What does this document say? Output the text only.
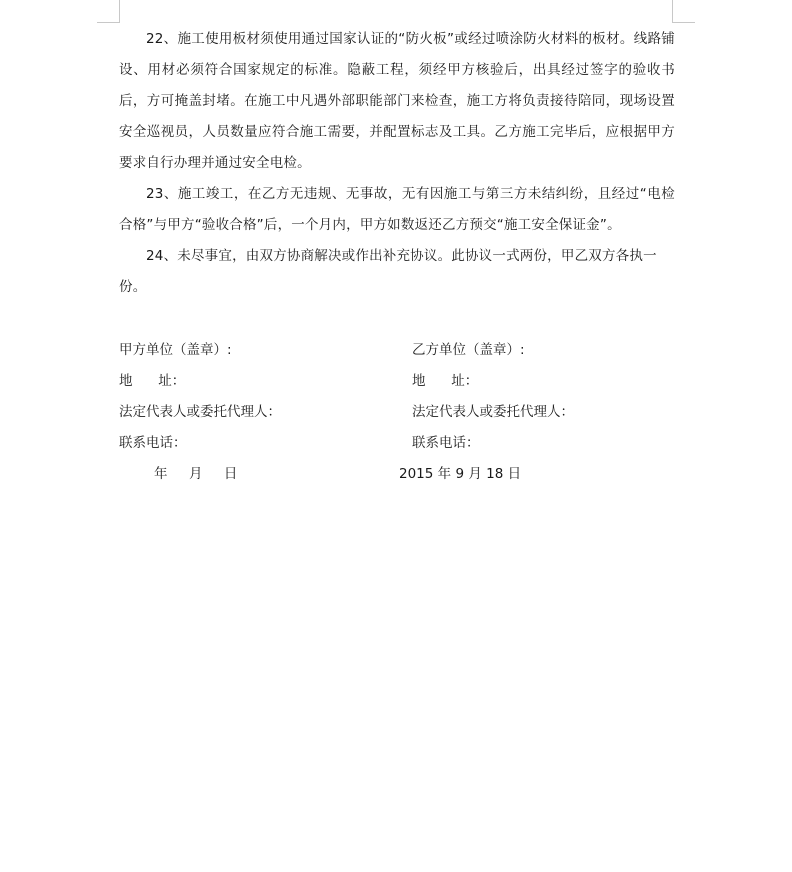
22、施工使用板材须使用通过国家认证的“防火板”或经过喷涂防火材料的板材。线路铺设、用材必须符合国家规定的标准。隐蔽工程，须经甲方核验后，出具经过签字的验收书后，方可掩盖封堵。在施工中凡遇外部职能部门来检查，施工方将负责接待陪同，现场设置安全巡视员，人员数量应符合施工需要，并配置标志及工具。乙方施工完毕后，应根据甲方要求自行办理并通过安全电检。

23、施工竣工，在乙方无违规、无事故，无有因施工与第三方未结纠纷，且经过“电检合格”与甲方“验收合格”后，一个月内，甲方如数返还乙方预交“施工安全保证金”。

24、未尽事宜，由双方协商解决或作出补充协议。此协议一式两份，甲乙双方各执一份。

甲方单位（盖章）:
地      址：
法定代表人或委托代理人：
联系电话：
年     月     日
乙方单位（盖章）:
地      址：
法定代表人或委托代理人：
联系电话：
2015 年 9 月 18 日
